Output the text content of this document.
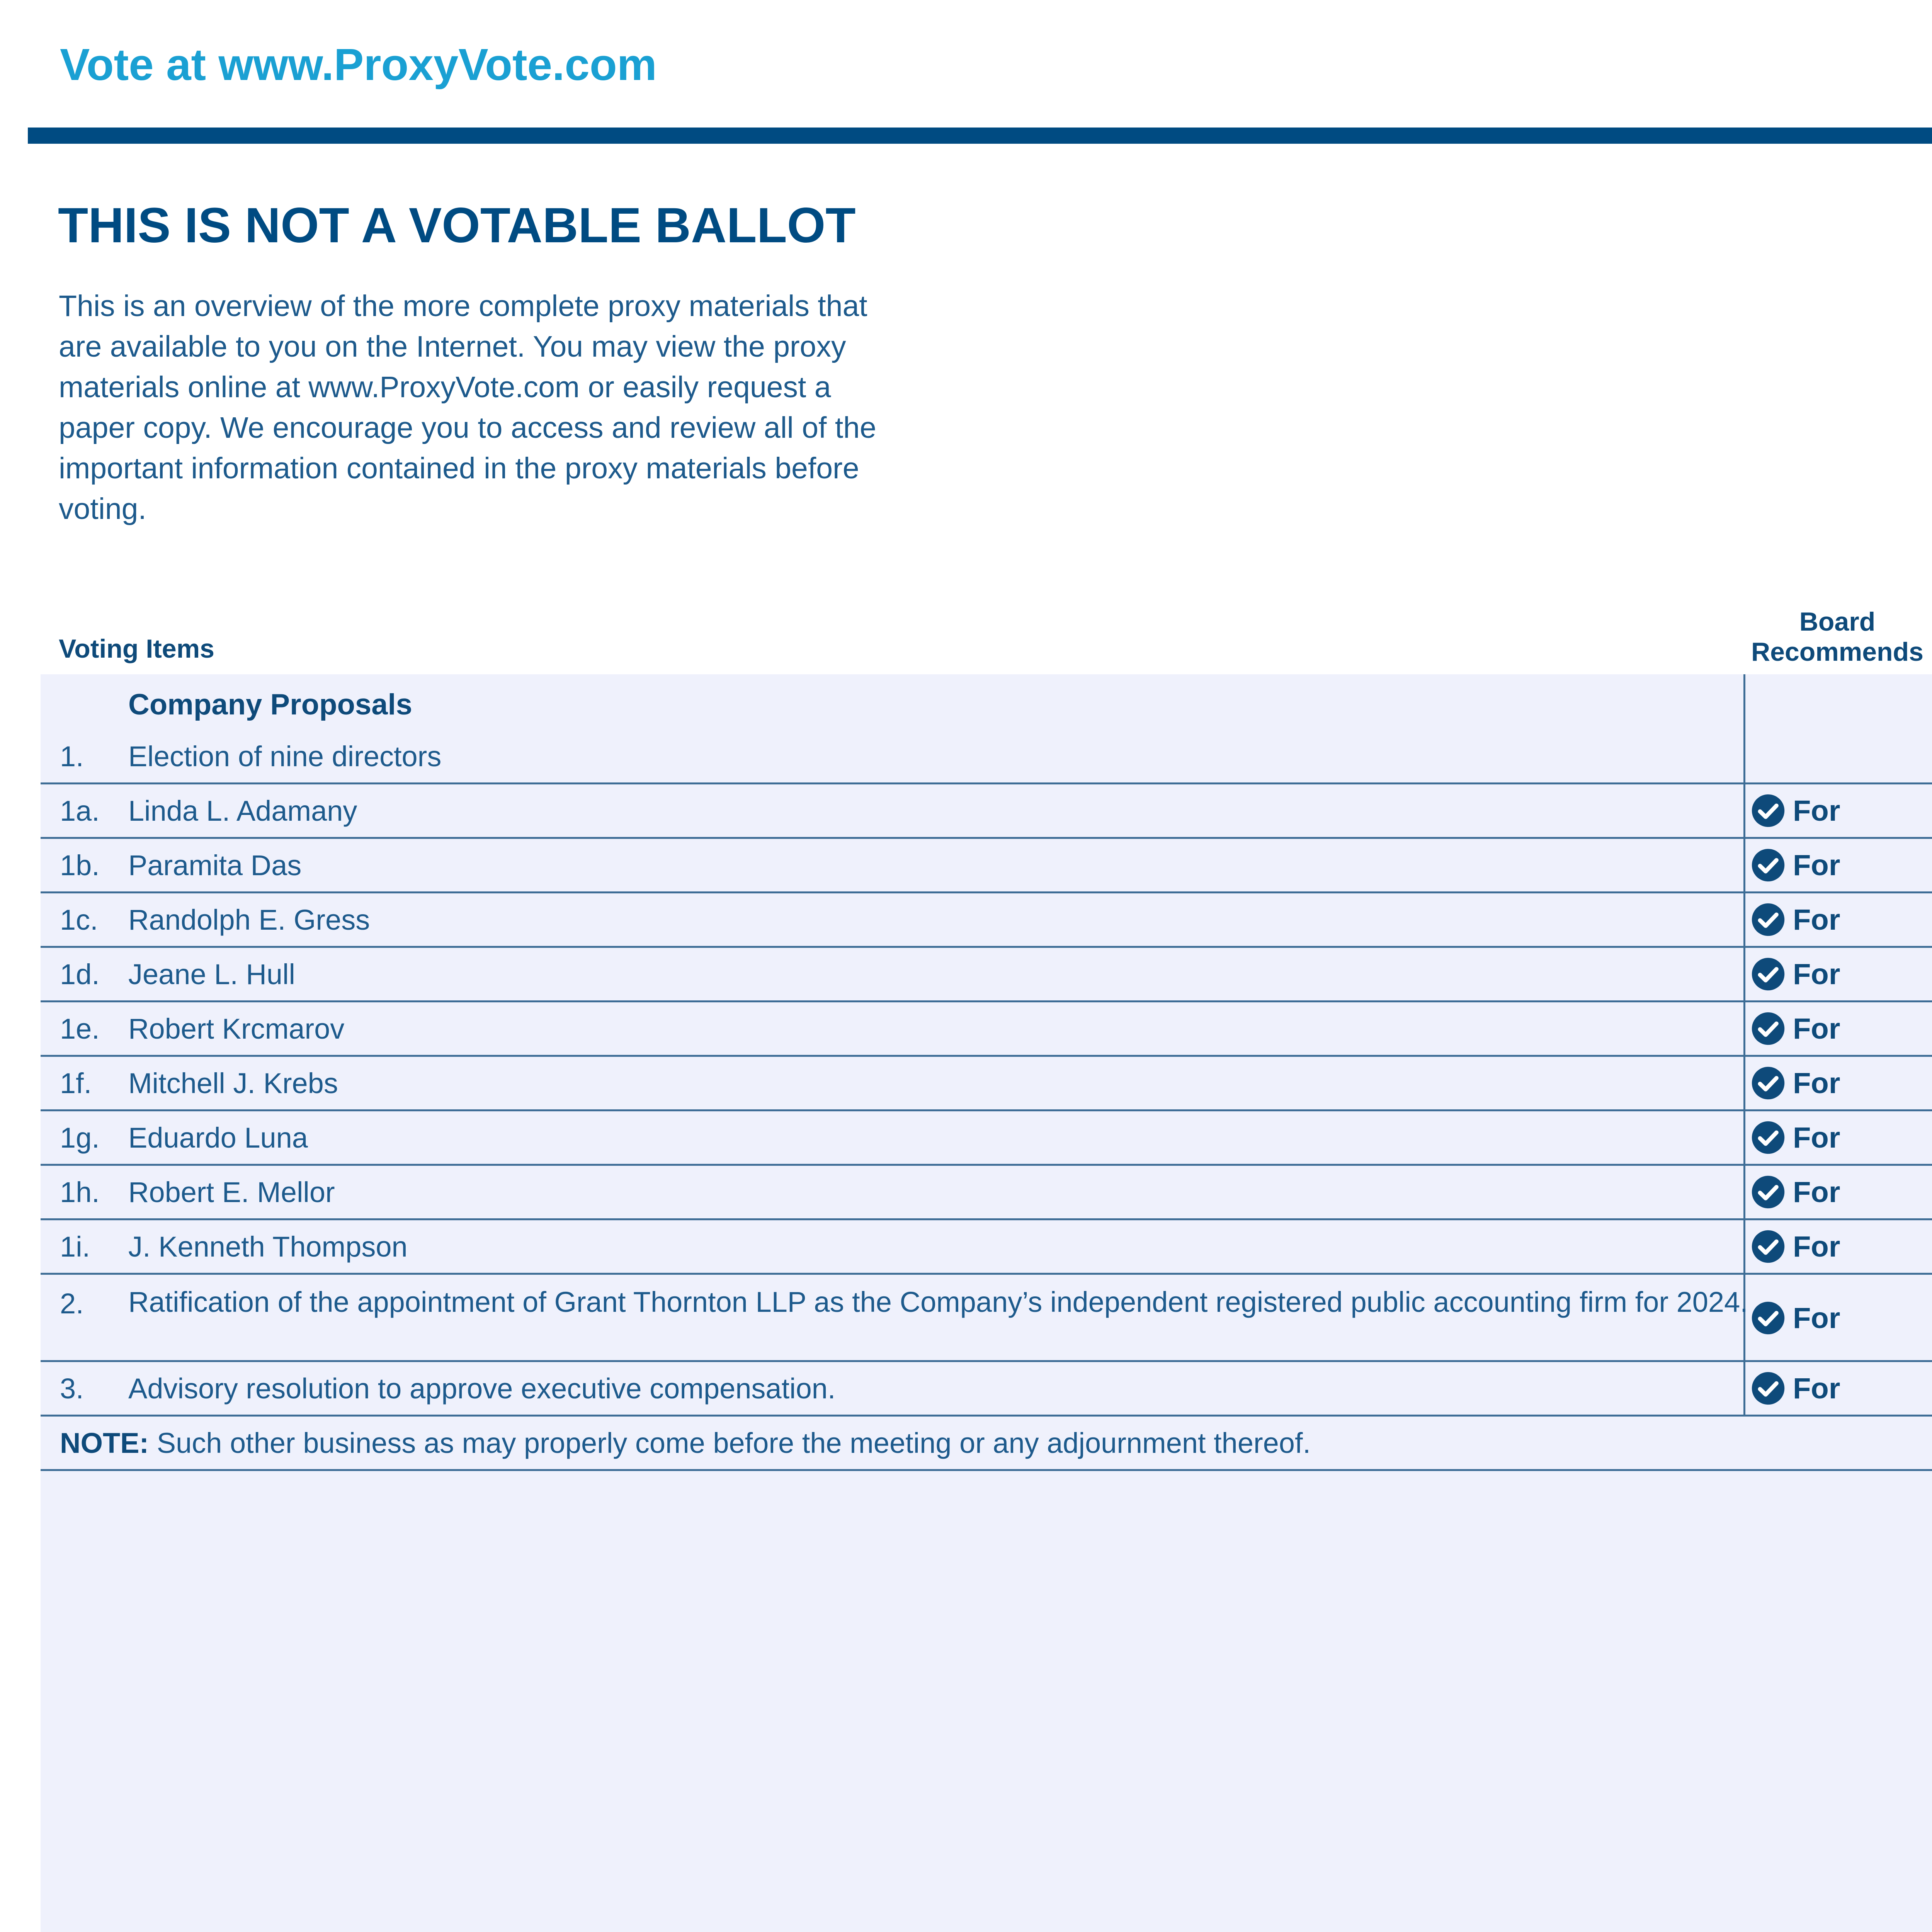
Vote at www.ProxyVote.com
THIS IS NOT A VOTABLE BALLOT
This is an overview of the more complete proxy materials that
are available to you on the Internet. You may view the proxy
materials online at www.ProxyVote.com or easily request a
paper copy. We encourage you to access and review all of the
important information contained in the proxy materials before
voting.
Voting Items
Board
Recommends
Company Proposals
1. Election of nine directors
1a. Linda L. Adamany	For
1b. Paramita Das	For
1c. Randolph E. Gress	For
1d. Jeane L. Hull	For
1e. Robert Krcmarov	For
1f. Mitchell J. Krebs	For
1g. Eduardo Luna	For
1h. Robert E. Mellor	For
1i. J. Kenneth Thompson	For
2. Ratification of the appointment of Grant Thornton LLP as the Company’s independent registered public accounting firm for 2024. For
3. Advisory resolution to approve executive compensation.	For
NOTE: Such other business as may properly come before the meeting or any adjournment thereof.
